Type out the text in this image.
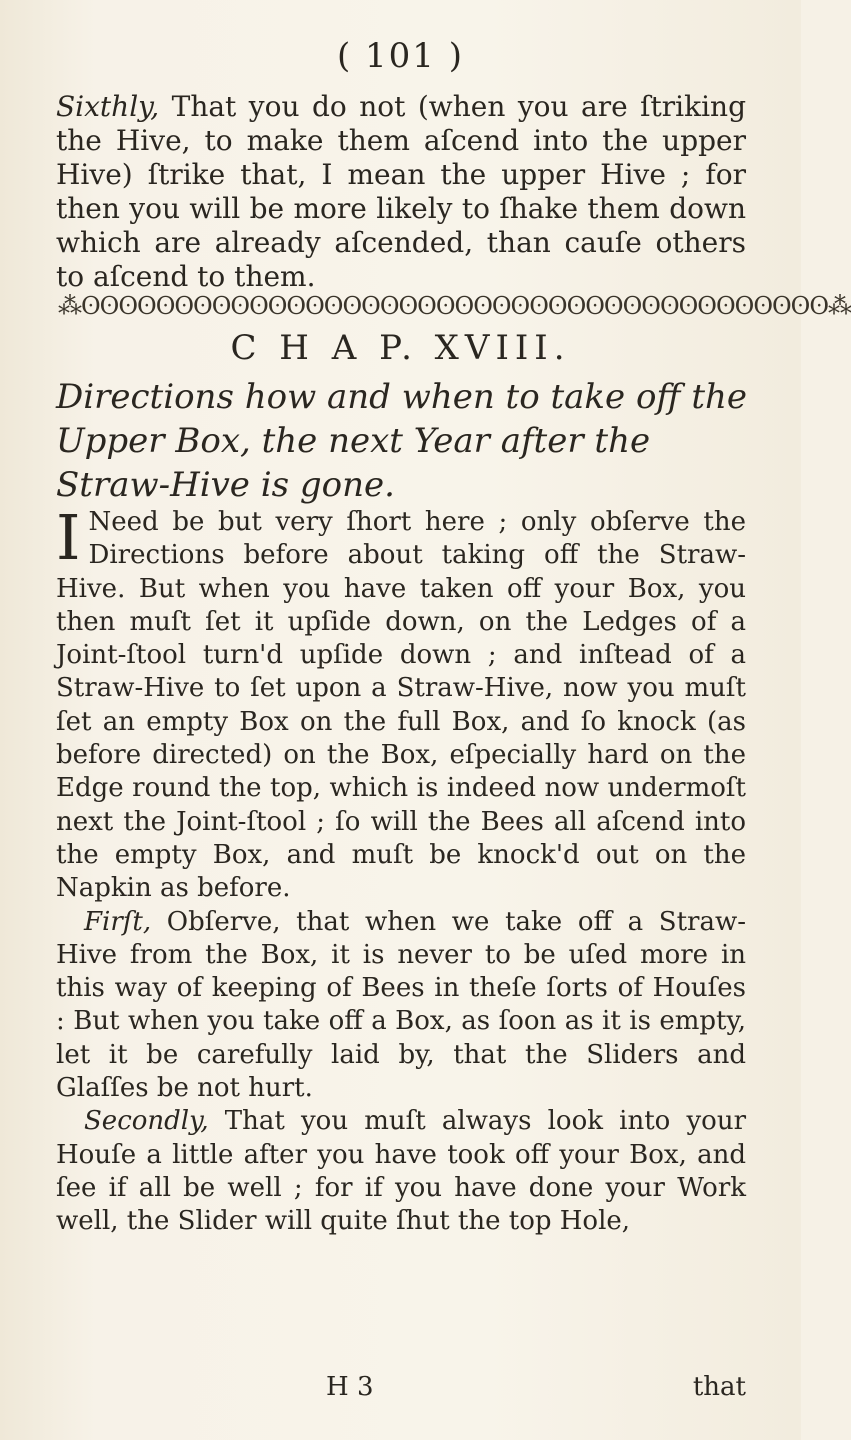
( 101 )
Sixthly, That you do not (when you are ſtriking the Hive, to make them aſcend into the upper Hive) ſtrike that, I mean the upper Hive ; for then you will be more likely to ſhake them down which are already aſcended, than cauſe others to aſcend to them.
⁂ʘʘʘʘʘʘʘʘʘʘʘʘʘʘʘʘʘʘʘʘʘʘʘʘʘʘʘʘʘʘʘʘʘʘʘʘʘʘʘʘ⁂
C H A P. XVIII.
Directions how and when to take off the Upper Box, the next Year after the Straw-Hive is gone.

I Need be but very ſhort here ; only obſerve the Directions before about taking off the Straw-Hive. But when you have taken off your Box, you then muſt ſet it upſide down, on the Ledges of a Joint-ſtool turn'd upſide down ; and inſtead of a Straw-Hive to ſet upon a Straw-Hive, now you muſt ſet an empty Box on the full Box, and ſo knock (as before directed) on the Box, eſpecially hard on the Edge round the top, which is indeed now undermoſt next the Joint-ſtool ; ſo will the Bees all aſcend into the empty Box, and muſt be knock'd out on the Napkin as before.

Firſt, Obſerve, that when we take off a Straw-Hive from the Box, it is never to be uſed more in this way of keeping of Bees in theſe ſorts of Houſes : But when you take off a Box, as ſoon as it is empty, let it be carefully laid by, that the Sliders and Glaſſes be not hurt.

Secondly, That you muſt always look into your Houſe a little after you have took off your Box, and ſee if all be well ; for if you have done your Work well, the Slider will quite ſhut the top Hole,

H 3	that
